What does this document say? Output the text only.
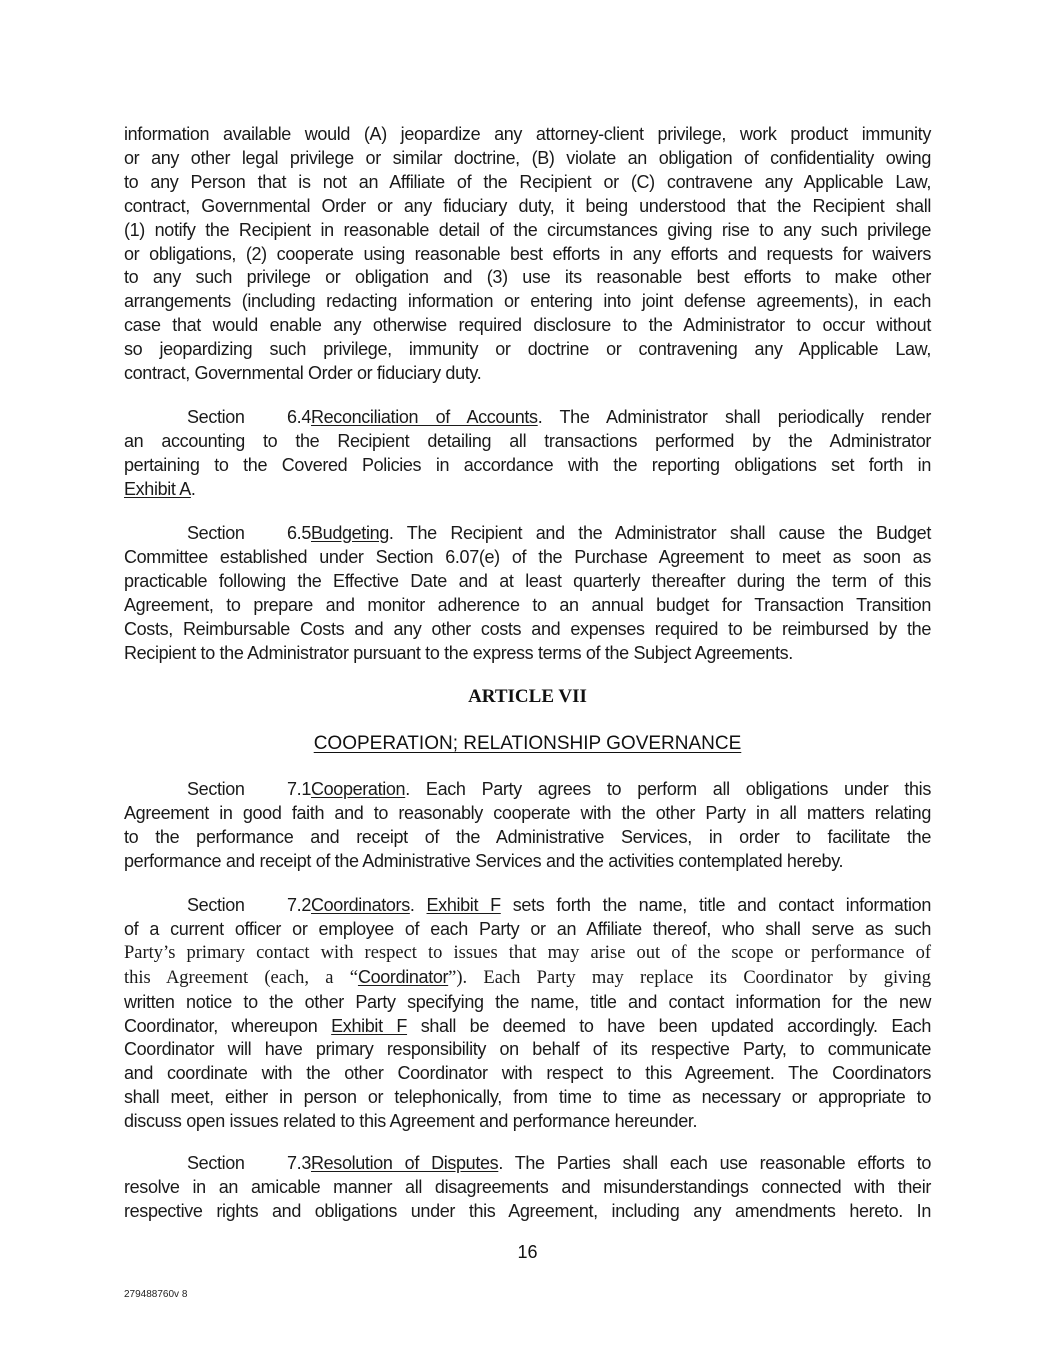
information available would (A) jeopardize any attorney-client privilege, work product immunity
or any other legal privilege or similar doctrine, (B) violate an obligation of confidentiality owing
to any Person that is not an Affiliate of the Recipient or (C) contravene any Applicable Law,
contract, Governmental Order or any fiduciary duty, it being understood that the Recipient shall
(1) notify the Recipient in reasonable detail of the circumstances giving rise to any such privilege
or obligations, (2) cooperate using reasonable best efforts in any efforts and requests for waivers
to any such privilege or obligation and (3) use its reasonable best efforts to make other
arrangements (including redacting information or entering into joint defense agreements), in each
case that would enable any otherwise required disclosure to the Administrator to occur without
so jeopardizing such privilege, immunity or doctrine or contravening any Applicable Law,
contract, Governmental Order or fiduciary duty.
Section 6.4Reconciliation of Accounts. The Administrator shall periodically render
an accounting to the Recipient detailing all transactions performed by the Administrator
pertaining to the Covered Policies in accordance with the reporting obligations set forth in
Exhibit A.
Section 6.5Budgeting. The Recipient and the Administrator shall cause the Budget
Committee established under Section 6.07(e) of the Purchase Agreement to meet as soon as
practicable following the Effective Date and at least quarterly thereafter during the term of this
Agreement, to prepare and monitor adherence to an annual budget for Transaction Transition
Costs, Reimbursable Costs and any other costs and expenses required to be reimbursed by the
Recipient to the Administrator pursuant to the express terms of the Subject Agreements.
ARTICLE VII
COOPERATION; RELATIONSHIP GOVERNANCE
Section 7.1Cooperation. Each Party agrees to perform all obligations under this
Agreement in good faith and to reasonably cooperate with the other Party in all matters relating
to the performance and receipt of the Administrative Services, in order to facilitate the
performance and receipt of the Administrative Services and the activities contemplated hereby.
Section 7.2Coordinators. Exhibit F sets forth the name, title and contact information
of a current officer or employee of each Party or an Affiliate thereof, who shall serve as such
Party’s primary contact with respect to issues that may arise out of the scope or performance of
this Agreement (each, a “Coordinator”). Each Party may replace its Coordinator by giving
written notice to the other Party specifying the name, title and contact information for the new
Coordinator, whereupon Exhibit F shall be deemed to have been updated accordingly. Each
Coordinator will have primary responsibility on behalf of its respective Party, to communicate
and coordinate with the other Coordinator with respect to this Agreement. The Coordinators
shall meet, either in person or telephonically, from time to time as necessary or appropriate to
discuss open issues related to this Agreement and performance hereunder.
Section 7.3Resolution of Disputes. The Parties shall each use reasonable efforts to
resolve in an amicable manner all disagreements and misunderstandings connected with their
respective rights and obligations under this Agreement, including any amendments hereto. In
16
279488760v 8
